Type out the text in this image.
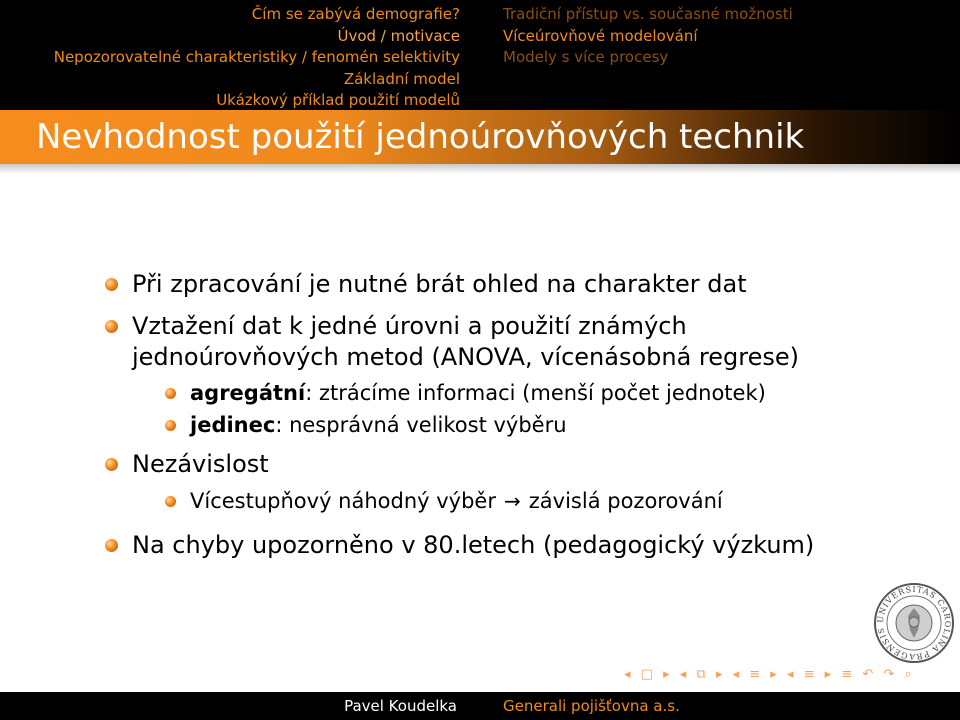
Čím se zabývá demografie?
Úvod / motivace
Nepozorovatelné charakteristiky / fenomén selektivity
Základní model
Ukázkový příklad použití modelů
Tradiční přístup vs. současné možnosti
Víceúrovňové modelování
Modely s více procesy
Nevhodnost použití jednoúrovňových technik
Při zpracování je nutné brát ohled na charakter dat
Vztažení dat k jedné úrovni a použití známých
jednoúrovňových metod (ANOVA, vícenásobná regrese)
agregátní: ztrácíme informaci (menší počet jednotek)
jedinec: nesprávná velikost výběru
Nezávislost
Vícestupňový náhodný výběr → závislá pozorování
Na chyby upozorněno v 80.letech (pedagogický výzkum)
UNIVERSITAS CAROLINA PRAGENSIS
◂ □ ▸ ◂ ⧉ ▸ ◂ ≡ ▸ ◂ ≡ ▸ ≡ ↶ ↷ ⌕
Pavel Koudelka	Generali pojišťovna a.s.
